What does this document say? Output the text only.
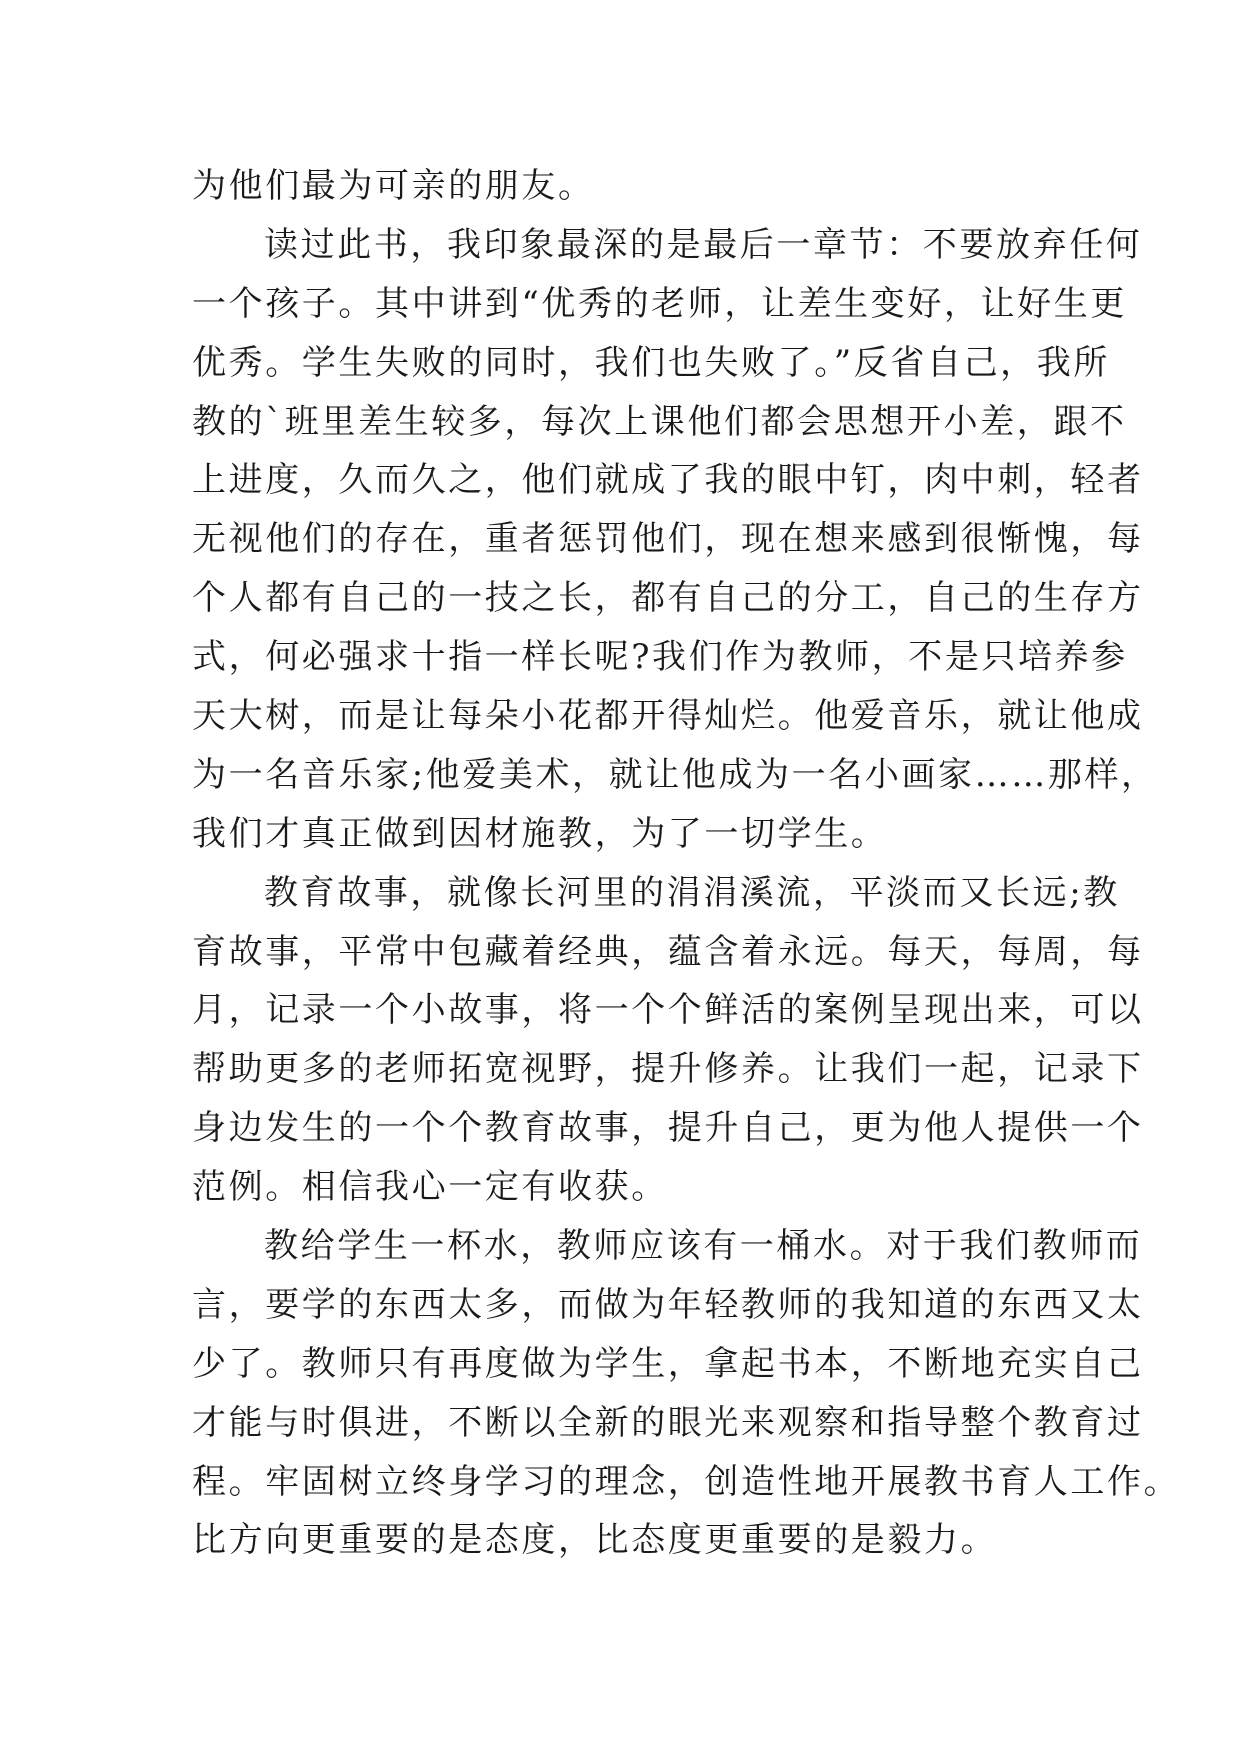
为他们最为可亲的朋友。
读过此书，我印象最深的是最后一章节：不要放弃任何
一个孩子。其中讲到“优秀的老师，让差生变好，让好生更
优秀。学生失败的同时，我们也失败了。”反省自己，我所
教的`班里差生较多，每次上课他们都会思想开小差，跟不
上进度，久而久之，他们就成了我的眼中钉，肉中刺，轻者
无视他们的存在，重者惩罚他们，现在想来感到很惭愧，每
个人都有自己的一技之长，都有自己的分工，自己的生存方
式，何必强求十指一样长呢?我们作为教师，不是只培养参
天大树，而是让每朵小花都开得灿烂。他爱音乐，就让他成
为一名音乐家;他爱美术，就让他成为一名小画家……那样，
我们才真正做到因材施教，为了一切学生。
教育故事，就像长河里的涓涓溪流，平淡而又长远;教
育故事，平常中包藏着经典，蕴含着永远。每天，每周，每
月，记录一个小故事，将一个个鲜活的案例呈现出来，可以
帮助更多的老师拓宽视野，提升修养。让我们一起，记录下
身边发生的一个个教育故事，提升自己，更为他人提供一个
范例。相信我心一定有收获。
教给学生一杯水，教师应该有一桶水。对于我们教师而
言，要学的东西太多，而做为年轻教师的我知道的东西又太
少了。教师只有再度做为学生，拿起书本，不断地充实自己
才能与时俱进，不断以全新的眼光来观察和指导整个教育过
程。牢固树立终身学习的理念，创造性地开展教书育人工作。
比方向更重要的是态度，比态度更重要的是毅力。
